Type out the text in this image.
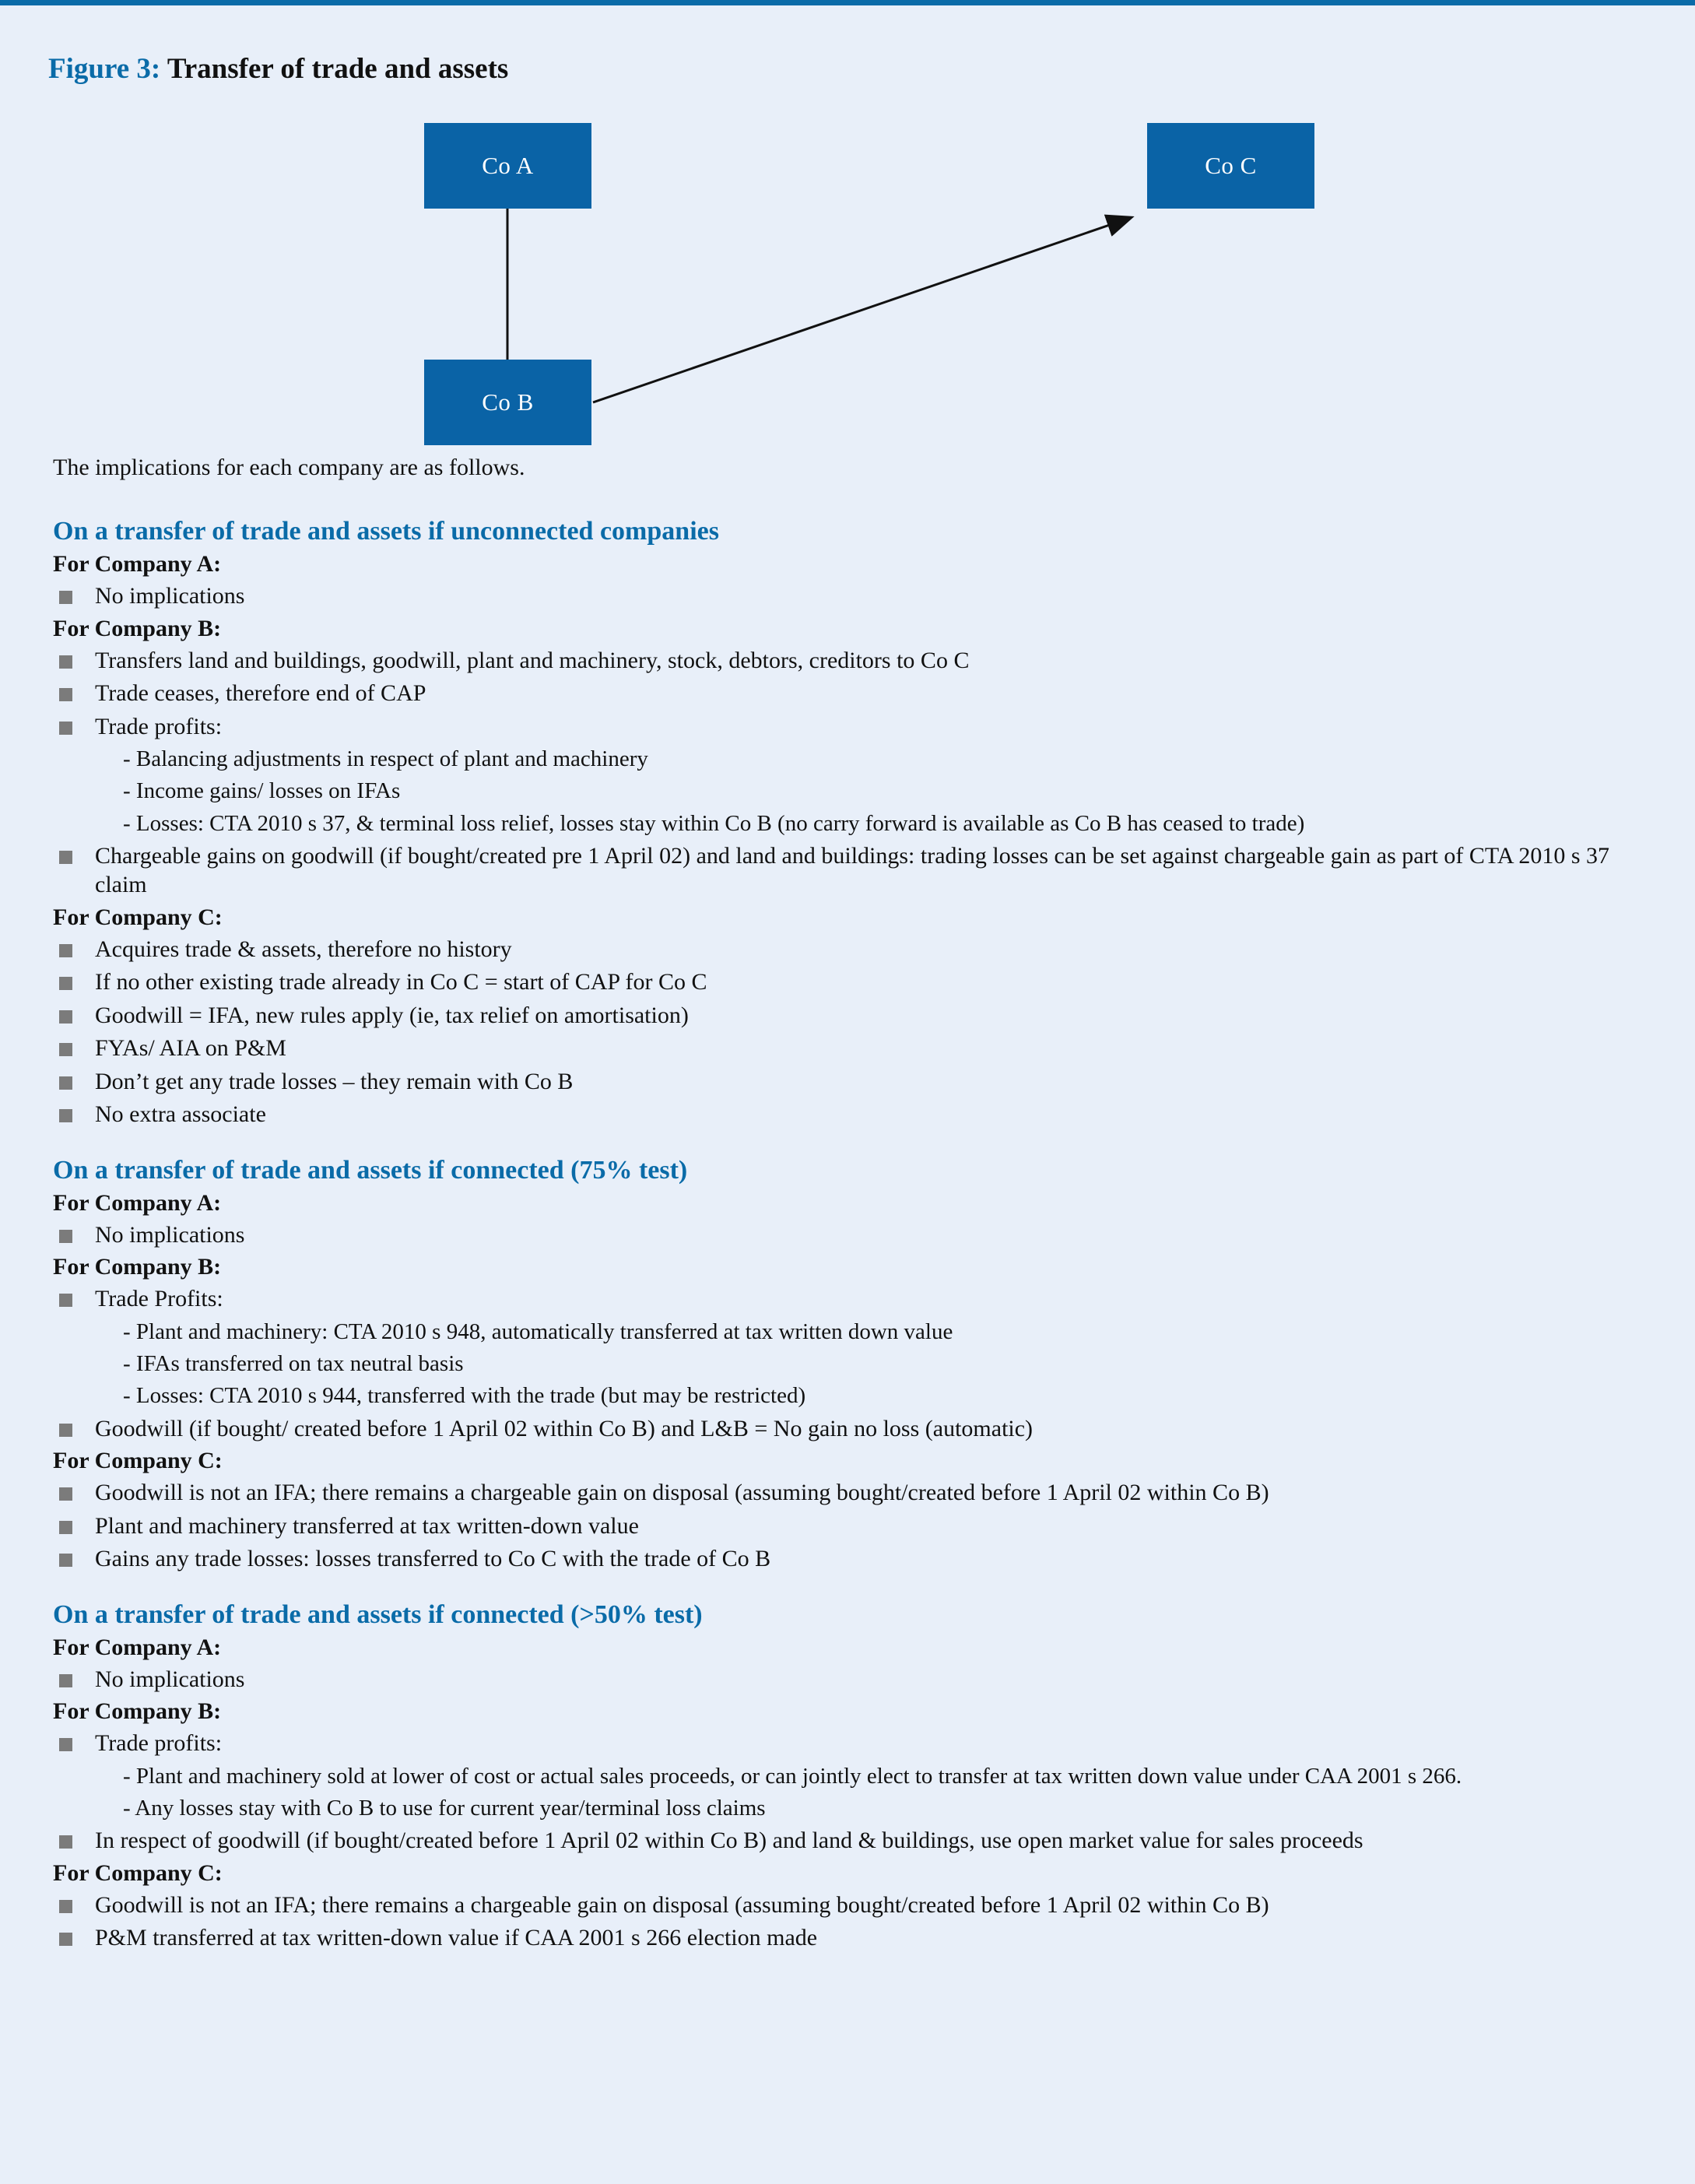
Figure 3: Transfer of trade and assets
Co A
Co B
Co C

The implications for each company are as follows.

On a transfer of trade and assets if unconnected companies
For Company A:
No implications
For Company B:
Transfers land and buildings, goodwill, plant and machinery, stock, debtors, creditors to Co C
Trade ceases, therefore end of CAP
Trade profits:
- Balancing adjustments in respect of plant and machinery
- Income gains/ losses on IFAs
- Losses: CTA 2010 s 37, & terminal loss relief, losses stay within Co B (no carry forward is available as Co B has ceased to trade)
Chargeable gains on goodwill (if bought/created pre 1 April 02) and land and buildings: trading losses can be set against chargeable gain as part of CTA 2010 s 37 claim
For Company C:
Acquires trade & assets, therefore no history
If no other existing trade already in Co C = start of CAP for Co C
Goodwill = IFA, new rules apply (ie, tax relief on amortisation)
FYAs/ AIA on P&M
Don’t get any trade losses – they remain with Co B
No extra associate
On a transfer of trade and assets if connected (75% test)
For Company A:
No implications
For Company B:
Trade Profits:
- Plant and machinery: CTA 2010 s 948, automatically transferred at tax written down value
- IFAs transferred on tax neutral basis
- Losses: CTA 2010 s 944, transferred with the trade (but may be restricted)
Goodwill (if bought/ created before 1 April 02 within Co B) and L&B = No gain no loss (automatic)
For Company C:
Goodwill is not an IFA; there remains a chargeable gain on disposal (assuming bought/created before 1 April 02 within Co B)
Plant and machinery transferred at tax written-down value
Gains any trade losses: losses transferred to Co C with the trade of Co B
On a transfer of trade and assets if connected (>50% test)
For Company A:
No implications
For Company B:
Trade profits:
- Plant and machinery sold at lower of cost or actual sales proceeds, or can jointly elect to transfer at tax written down value under CAA 2001 s 266.
- Any losses stay with Co B to use for current year/terminal loss claims
In respect of goodwill (if bought/created before 1 April 02 within Co B) and land & buildings, use open market value for sales proceeds
For Company C:
Goodwill is not an IFA; there remains a chargeable gain on disposal (assuming bought/created before 1 April 02 within Co B)
P&M transferred at tax written-down value if CAA 2001 s 266 election made
